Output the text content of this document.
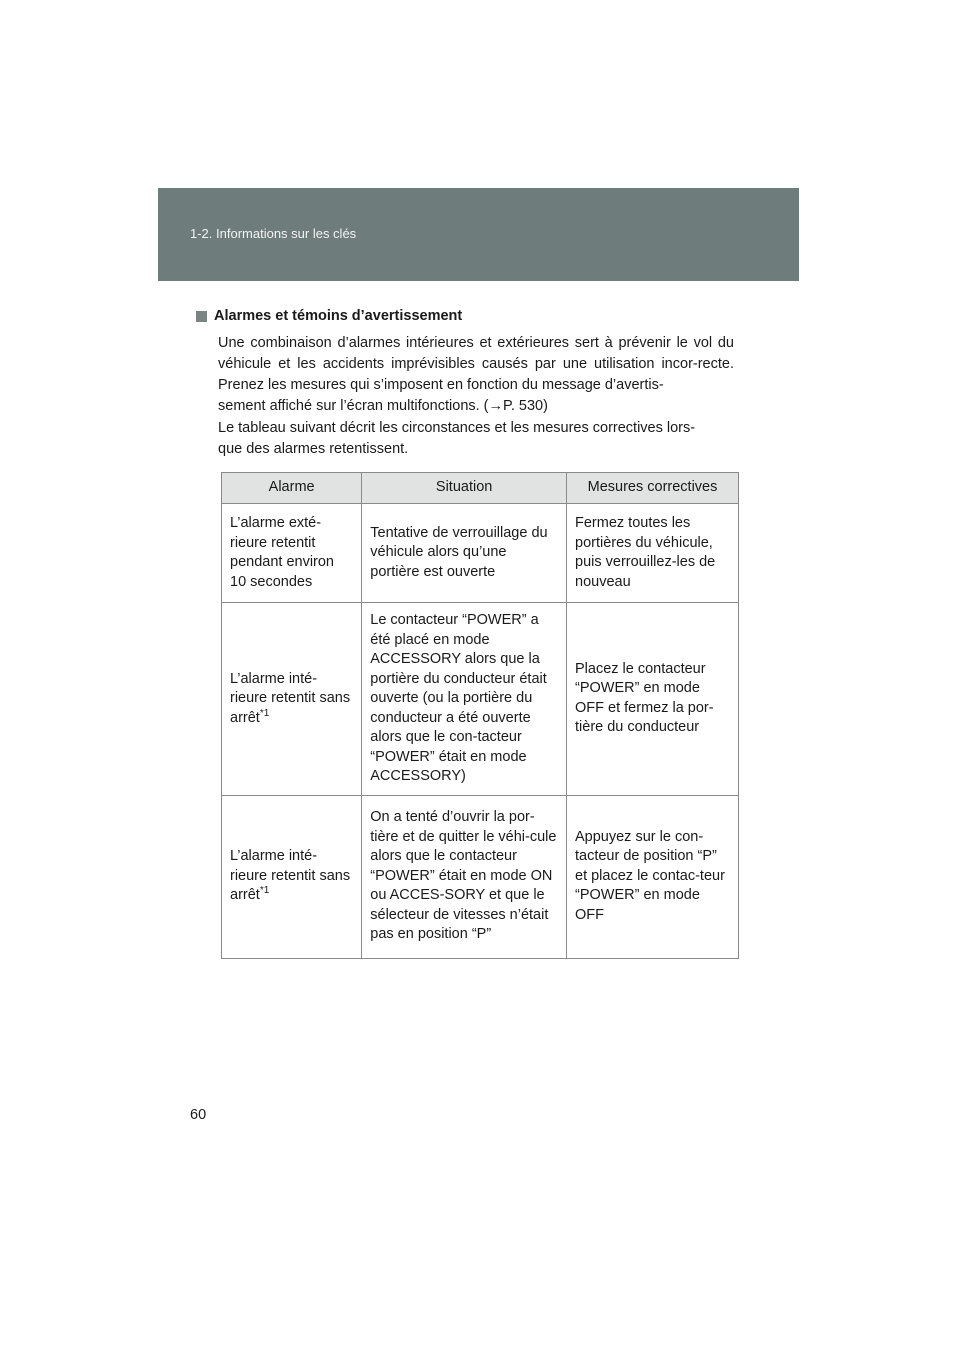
1-2. Informations sur les clés
Alarmes et témoins d’avertissement

Une combinaison d’alarmes intérieures et extérieures sert à prévenir le vol du véhicule et les accidents imprévisibles causés par une utilisation incor-recte. Prenez les mesures qui s’imposent en fonction du message d’avertis-
sement affiché sur l’écran multifonctions. (→P. 530)

Le tableau suivant décrit les circonstances et les mesures correctives lors-
que des alarmes retentissent.

Alarme	Situation	Mesures correctives
L’alarme exté-rieure retentit pendant environ 10 secondes	Tentative de verrouillage du véhicule alors qu’une portière est ouverte	Fermez toutes les portières du véhicule, puis verrouillez-les de nouveau
L’alarme inté-rieure retentit sans arrêt$^{*1}$	Le contacteur “POWER” a été placé en mode ACCESSORY alors que la portière du conducteur était ouverte (ou la portière du conducteur a été ouverte alors que le con-tacteur “POWER” était en mode ACCESSORY)	Placez le contacteur “POWER” en mode OFF et fermez la por-tière du conducteur
L’alarme inté-rieure retentit sans arrêt$^{*1}$	On a tenté d’ouvrir la por-tière et de quitter le véhi-cule alors que le contacteur “POWER” était en mode ON ou ACCES-SORY et que le sélecteur de vitesses n’était pas en position “P”	Appuyez sur le con-tacteur de position “P” et placez le contac-teur “POWER” en mode OFF
60
